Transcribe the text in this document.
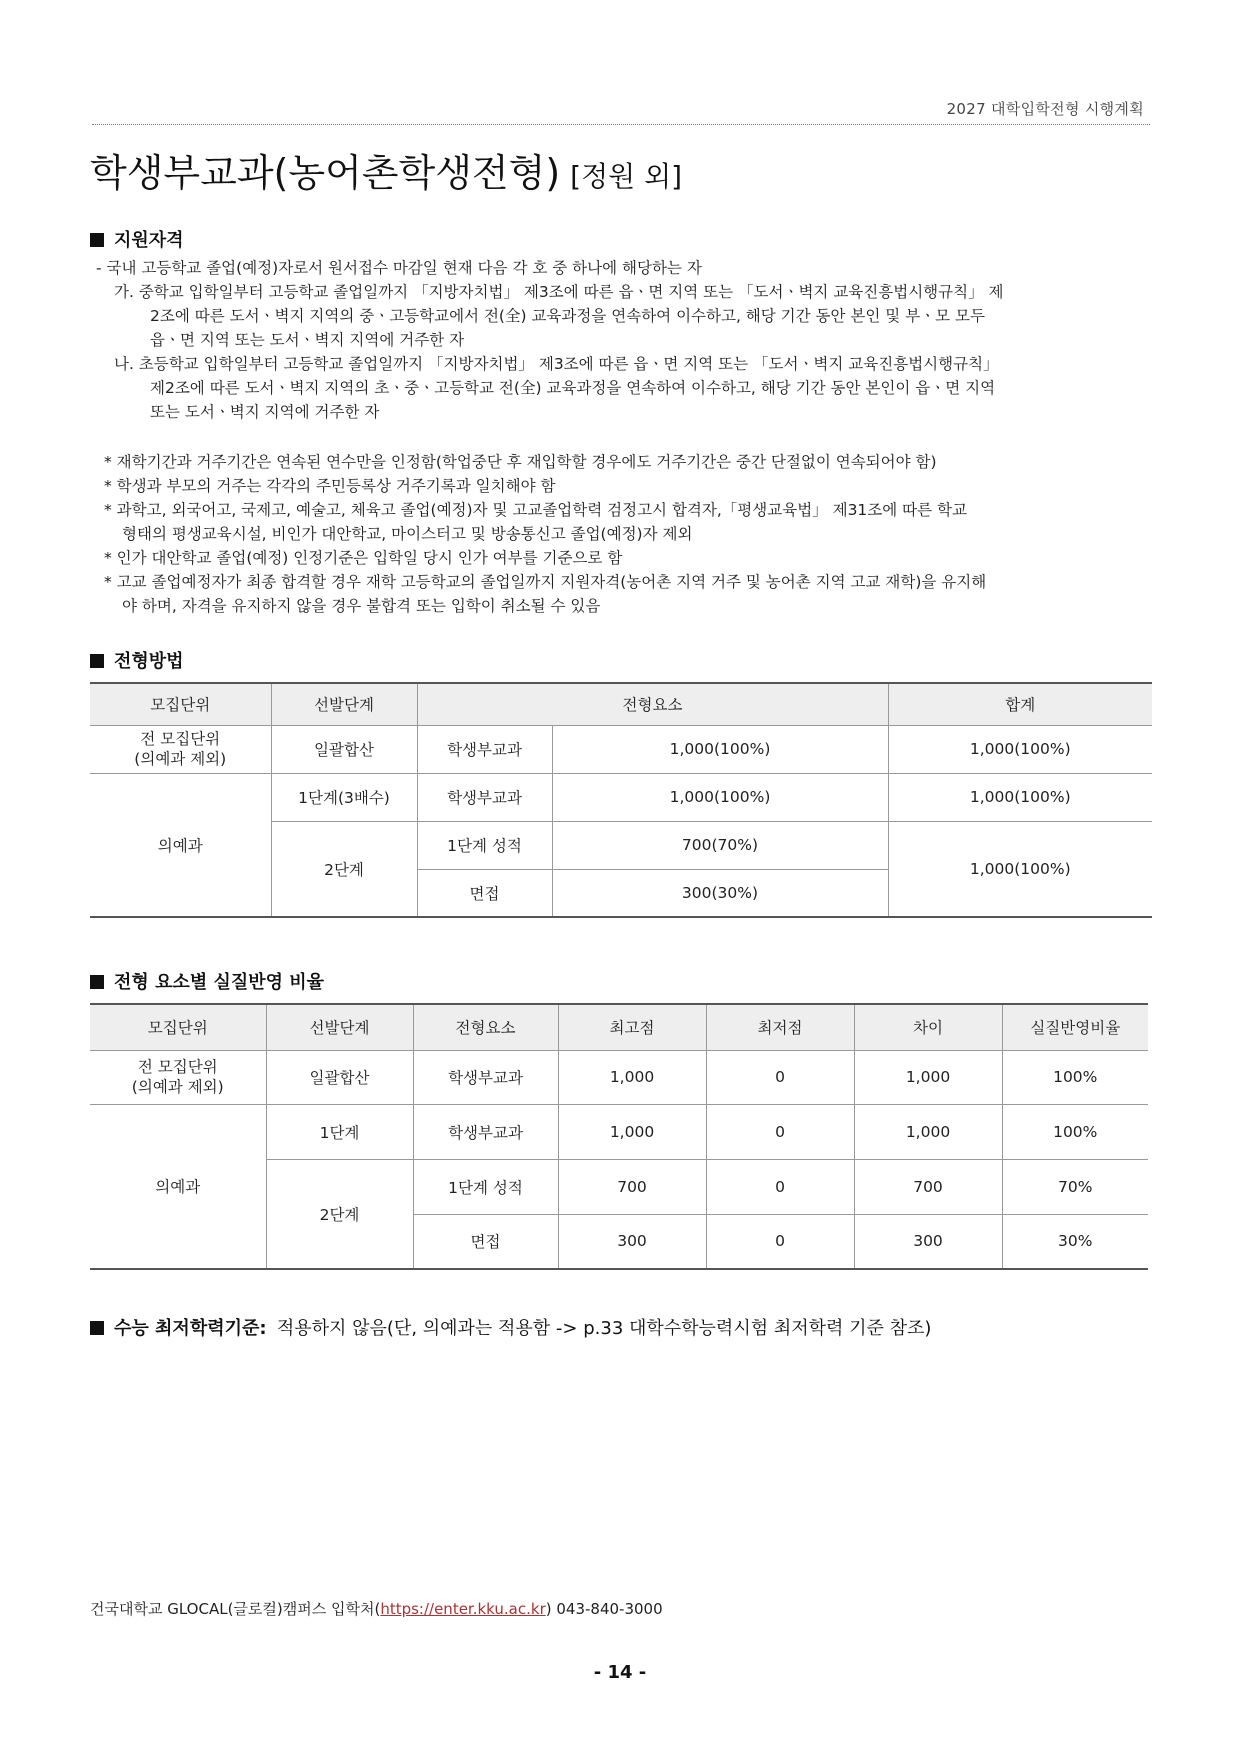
2027 대학입학전형 시행계획
학생부교과(농어촌학생전형) [정원 외]
지원자격
- 국내 고등학교 졸업(예정)자로서 원서접수 마감일 현재 다음 각 호 중 하나에 해당하는 자
가. 중학교 입학일부터 고등학교 졸업일까지 「지방자치법」 제3조에 따른 읍ㆍ면 지역 또는 「도서ㆍ벽지 교육진흥법시행규칙」 제
2조에 따른 도서ㆍ벽지 지역의 중ㆍ고등학교에서 전(全) 교육과정을 연속하여 이수하고, 해당 기간 동안 본인 및 부ㆍ모 모두
읍ㆍ면 지역 또는 도서ㆍ벽지 지역에 거주한 자
나. 초등학교 입학일부터 고등학교 졸업일까지 「지방자치법」 제3조에 따른 읍ㆍ면 지역 또는 「도서ㆍ벽지 교육진흥법시행규칙」
제2조에 따른 도서ㆍ벽지 지역의 초ㆍ중ㆍ고등학교 전(全) 교육과정을 연속하여 이수하고, 해당 기간 동안 본인이 읍ㆍ면 지역
또는 도서ㆍ벽지 지역에 거주한 자
* 재학기간과 거주기간은 연속된 연수만을 인정함(학업중단 후 재입학할 경우에도 거주기간은 중간 단절없이 연속되어야 함)
* 학생과 부모의 거주는 각각의 주민등록상 거주기록과 일치해야 함
* 과학고, 외국어고, 국제고, 예술고, 체육고 졸업(예정)자 및 고교졸업학력 검정고시 합격자,「평생교육법」 제31조에 따른 학교
형태의 평생교육시설, 비인가 대안학교, 마이스터고 및 방송통신고 졸업(예정)자 제외
* 인가 대안학교 졸업(예정) 인정기준은 입학일 당시 인가 여부를 기준으로 함
* 고교 졸업예정자가 최종 합격할 경우 재학 고등학교의 졸업일까지 지원자격(농어촌 지역 거주 및 농어촌 지역 고교 재학)을 유지해
야 하며, 자격을 유지하지 않을 경우 불합격 또는 입학이 취소될 수 있음
전형방법
모집단위	선발단계	전형요소		합계

전 모집단위
(의예과 제외)	일괄합산	학생부교과	1,000(100%)	1,000(100%)
의예과	1단계(3배수)	학생부교과	1,000(100%)	1,000(100%)
	2단계	1단계 성적	700(70%)	1,000(100%)
		면접	300(30%)	
전형 요소별 실질반영 비율
모집단위	선발단계	전형요소	최고점	최저점	차이	실질반영비율

전 모집단위
(의예과 제외)	일괄합산	학생부교과	1,000	0	1,000	100%
의예과	1단계	학생부교과	1,000	0	1,000	100%
	2단계	1단계 성적	700	0	700	70%
		면접	300	0	300	30%
수능 최저학력기준: 적용하지 않음(단, 의예과는 적용함 -> p.33 대학수학능력시험 최저학력 기준 참조)
건국대학교 GLOCAL(글로컬)캠퍼스 입학처(https://enter.kku.ac.kr) 043-840-3000
- 14 -
